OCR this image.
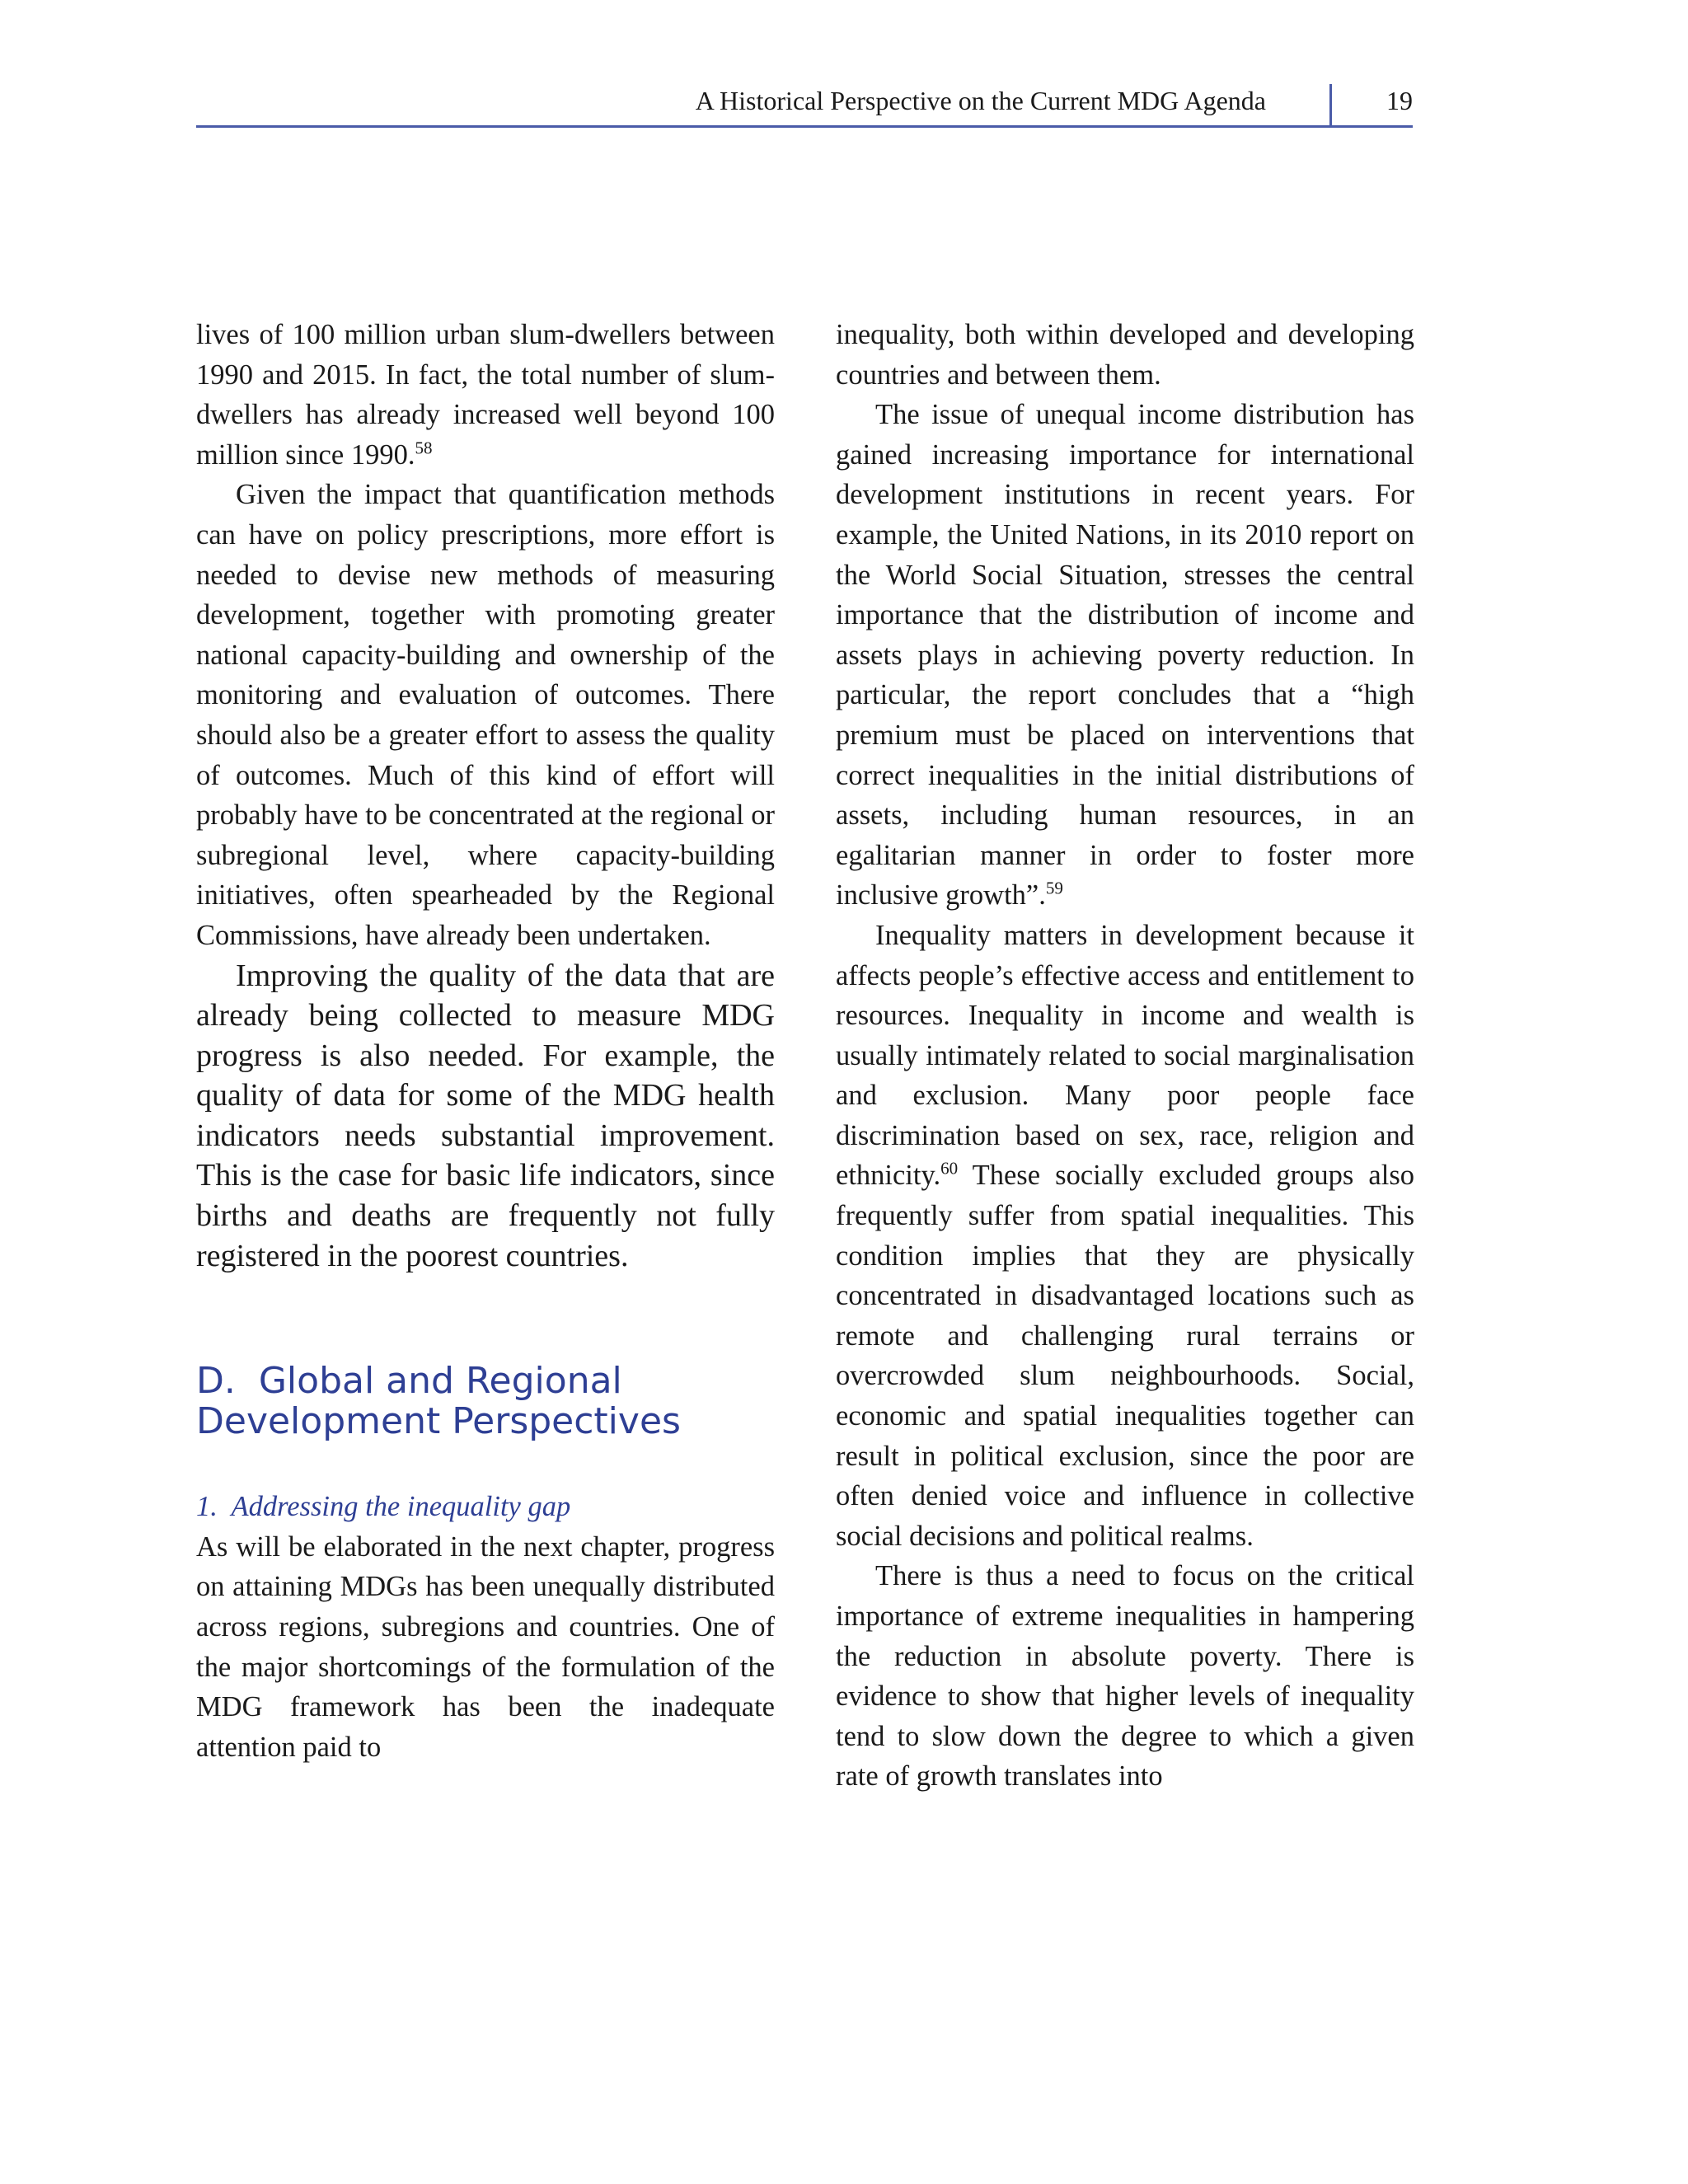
A Historical Perspective on the Current MDG Agenda	19

lives of 100 million urban slum-dwellers between 1990 and 2015. In fact, the total number of slum-dwellers has already increased well beyond 100 million since 1990.58

Given the impact that quantification methods can have on policy prescriptions, more effort is needed to devise new methods of measuring development, together with promoting greater national capacity-building and ownership of the monitoring and evaluation of outcomes. There should also be a greater effort to assess the quality of outcomes. Much of this kind of effort will probably have to be concentrated at the regional or subregional level, where capacity-building initiatives, often spearheaded by the Regional Commissions, have already been undertaken.

Improving the quality of the data that are already being collected to measure MDG progress is also needed. For example, the quality of data for some of the MDG health indicators needs substantial improvement. This is the case for basic life indicators, since births and deaths are frequently not fully registered in the poorest countries.

D.  Global and Regional
Development Perspectives
1.  Addressing the inequality gap

As will be elaborated in the next chapter, progress on attaining MDGs has been unequally distributed across regions, subregions and countries. One of the major shortcomings of the formulation of the MDG framework has been the inadequate attention paid to

inequality, both within developed and developing countries and between them.

The issue of unequal income distribution has gained increasing importance for international development institutions in recent years. For example, the United Nations, in its 2010 report on the World Social Situation, stresses the central importance that the distribution of income and assets plays in achieving poverty reduction. In particular, the report concludes that a “high premium must be placed on interventions that correct inequalities in the initial distributions of assets, including human resources, in an egalitarian manner in order to foster more inclusive growth”.$^{59}$

Inequality matters in development because it affects people’s effective access and entitlement to resources. Inequality in income and wealth is usually intimately related to social marginalisation and exclusion. Many poor people face discrimination based on sex, race, religion and ethnicity.$^{60}$ These socially excluded groups also frequently suffer from spatial inequalities. This condition implies that they are physically concentrated in disadvantaged locations such as remote and challenging rural terrains or overcrowded slum neighbourhoods. Social, economic and spatial inequalities together can result in political exclusion, since the poor are often denied voice and influence in collective social decisions and political realms.

There is thus a need to focus on the critical importance of extreme inequalities in hampering the reduction in absolute poverty. There is evidence to show that higher levels of inequality tend to slow down the degree to which a given rate of growth translates into
